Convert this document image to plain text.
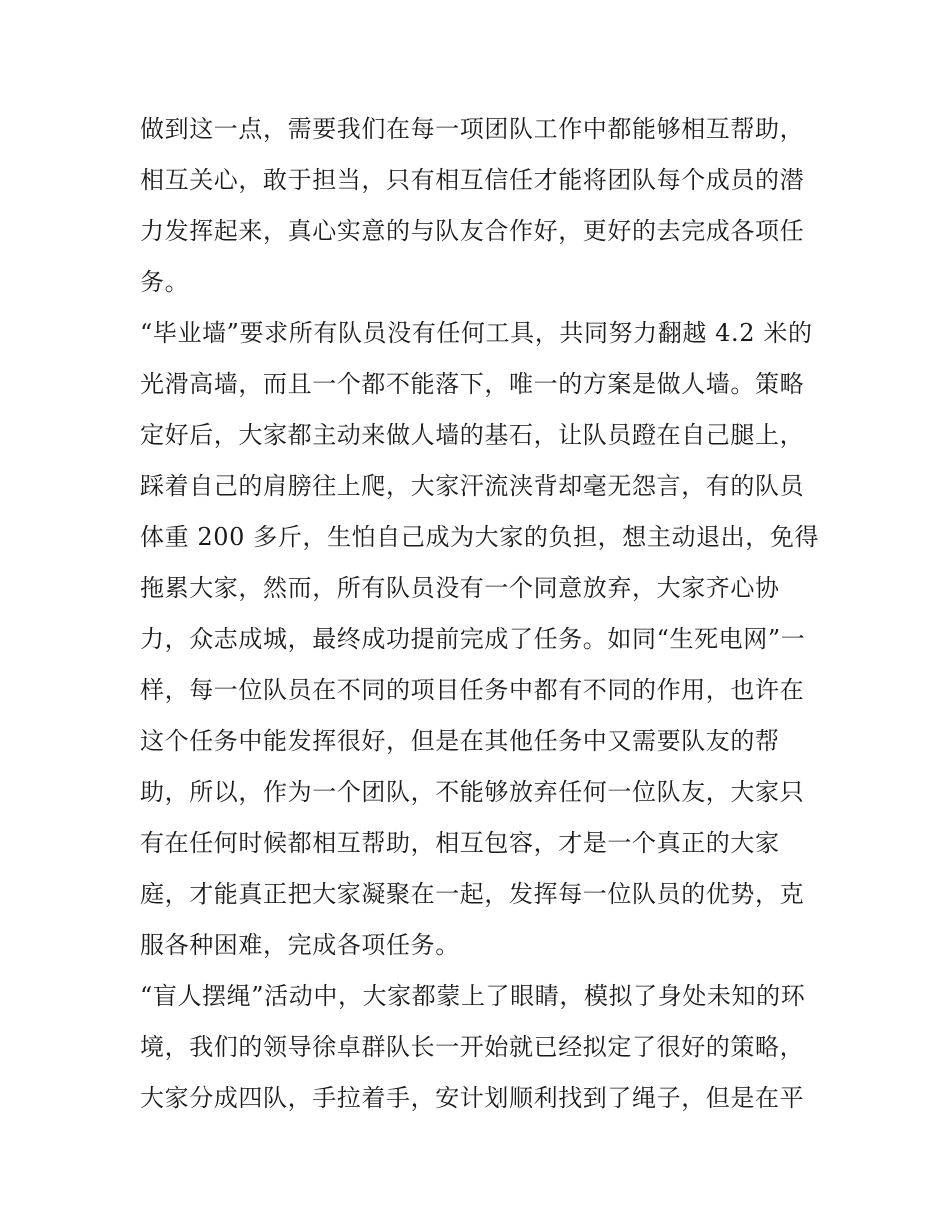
做到这一点，需要我们在每一项团队工作中都能够相互帮助，
相互关心，敢于担当，只有相互信任才能将团队每个成员的潜
力发挥起来，真心实意的与队友合作好，更好的去完成各项任
务。
“毕业墙”要求所有队员没有任何工具，共同努力翻越 4.2 米的
光滑高墙，而且一个都不能落下，唯一的方案是做人墙。策略
定好后，大家都主动来做人墙的基石，让队员蹬在自己腿上，
踩着自己的肩膀往上爬，大家汗流浃背却毫无怨言，有的队员
体重 200 多斤，生怕自己成为大家的负担，想主动退出，免得
拖累大家，然而，所有队员没有一个同意放弃，大家齐心协
力，众志成城，最终成功提前完成了任务。如同“生死电网”一
样，每一位队员在不同的项目任务中都有不同的作用，也许在
这个任务中能发挥很好，但是在其他任务中又需要队友的帮
助，所以，作为一个团队，不能够放弃任何一位队友，大家只
有在任何时候都相互帮助，相互包容，才是一个真正的大家
庭，才能真正把大家凝聚在一起，发挥每一位队员的优势，克
服各种困难，完成各项任务。
“盲人摆绳”活动中，大家都蒙上了眼睛，模拟了身处未知的环
境，我们的领导徐卓群队长一开始就已经拟定了很好的策略，
大家分成四队，手拉着手，安计划顺利找到了绳子，但是在平
